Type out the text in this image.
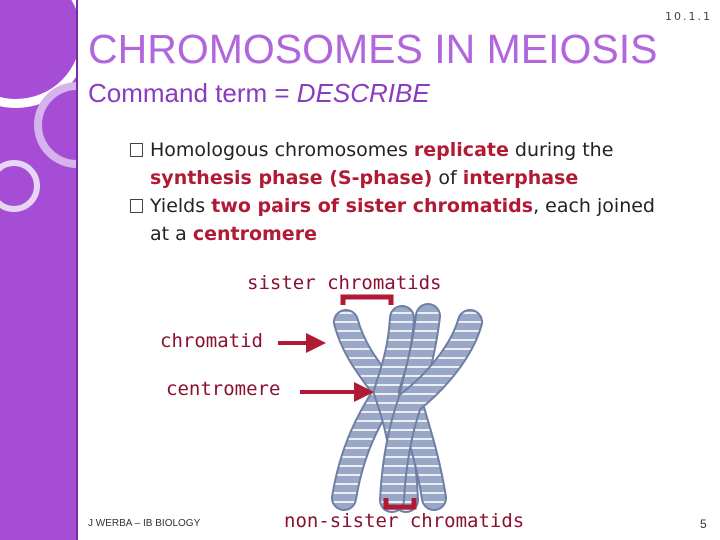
10.1.1
CHROMOSOMES IN MEIOSIS
Command term = DESCRIBE
Homologous chromosomes replicate during the
synthesis phase (S-phase) of interphase
Yields two pairs of sister chromatids, each joined
at a centromere
sister chromatids
chromatid
centromere
non-sister chromatids
J WERBA – IB BIOLOGY	5
